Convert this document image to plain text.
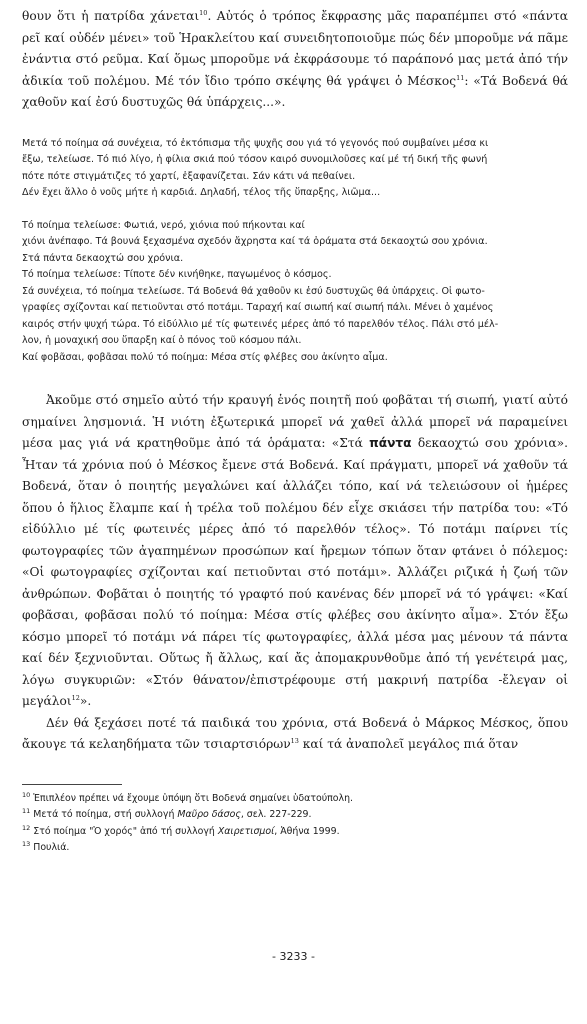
θουν ὅτι ἡ πατρίδα χάνεται$^{10}$. Αὐτός ὁ τρόπος ἔκφρασης μᾶς παραπέμπει στό «πάντα ρεῖ καί οὐδέν μένει» τοῦ Ἡρακλείτου καί συνειδητοποιοῦμε πώς δέν μποροῦμε νά πᾶμε ἐνάντια στό ρεῦμα. Καί ὅμως μποροῦμε νά ἐκφράσουμε τό παράπονό μας μετά ἀπό τήν ἀδικία τοῦ πολέμου. Μέ τόν ἴδιο τρόπο σκέψης θά γράψει ὁ Μέσκος$^{11}$: «Τά Βοδενά θά χαθοῦν καί ἐσύ δυστυχῶς θά ὑπάρχεις...».

Μετά τό ποίημα σά συνέχεια, τό ἐκτόπισμα τῆς ψυχῆς σου γιά τό γεγονός πού συμβαίνει μέσα κι
ἔξω, τελείωσε. Τό πιό λίγο, ἡ φίλια σκιά πού τόσον καιρό συνομιλοῦσες καί μέ τή δική τῆς φωνή
πότε πότε στιγμάτιζες τό χαρτί, ἐξαφανίζεται. Σάν κάτι νά πεθαίνει.
Δέν ἔχει ἄλλο ὁ νοῦς μήτε ἡ καρδιά. Δηλαδή, τέλος τῆς ὕπαρξης, λιῶμα...
Τό ποίημα τελείωσε: Φωτιά, νερό, χιόνια πού πήκονται καί
χιόνι ἀνέπαφο. Τά βουνά ξεχασμένα σχεδόν ἄχρηστα καί τά ὁράματα στά δεκαοχτώ σου χρόνια.
Στά πάντα δεκαοχτώ σου χρόνια.
Τό ποίημα τελείωσε: Τίποτε δέν κινήθηκε, παγωμένος ὁ κόσμος.
Σά συνέχεια, τό ποίημα τελείωσε. Τά Βοδενά θά χαθοῦν κι ἐσύ δυστυχῶς θά ὑπάρχεις. Οἱ φωτο-
γραφίες σχίζονται καί πετιοῦνται στό ποτάμι. Ταραχή καί σιωπή καί σιωπή πάλι. Μένει ὁ χαμένος
καιρός στήν ψυχή τώρα. Τό εἰδύλλιο μέ τίς φωτεινές μέρες ἀπό τό παρελθόν τέλος. Πάλι στό μέλ-
λον, ἡ μοναχική σου ὕπαρξη καί ὁ πόνος τοῦ κόσμου πάλι.
Καί φοβᾶσαι, φοβᾶσαι πολύ τό ποίημα: Μέσα στίς φλέβες σου ἀκίνητο αἶμα.

Ἀκοῦμε στό σημεῖο αὐτό τήν κραυγή ἑνός ποιητῆ πού φοβᾶται τή σιωπή, γιατί αὐτό σημαίνει λησμονιά. Ἡ νιότη ἐξωτερικά μπορεῖ νά χαθεῖ ἀλλά μπορεῖ νά παραμείνει μέσα μας γιά νά κρατηθοῦμε ἀπό τά ὁράματα: «Στά πάντα δεκαοχτώ σου χρόνια». Ἦταν τά χρόνια πού ὁ Μέσκος ἔμενε στά Βοδενά. Καί πράγματι, μπορεῖ νά χαθοῦν τά Βοδενά, ὅταν ὁ ποιητής μεγαλώνει καί ἀλλάζει τόπο, καί νά τελειώσουν οἱ ἡμέρες ὅπου ὁ ἥλιος ἔλαμπε καί ἡ τρέλα τοῦ πολέμου δέν εἶχε σκιάσει τήν πατρίδα του: «Τό εἰδύλλιο μέ τίς φωτεινές μέρες ἀπό τό παρελθόν τέλος». Τό ποτάμι παίρνει τίς φωτογραφίες τῶν ἀγαπημένων προσώπων καί ἤρεμων τόπων ὅταν φτάνει ὁ πόλεμος: «Οἱ φωτογραφίες σχίζονται καί πετιοῦνται στό ποτάμι». Ἀλλάζει ριζικά ἡ ζωή τῶν ἀνθρώπων. Φοβᾶται ὁ ποιητής τό γραφτό πού κανένας δέν μπορεῖ νά τό γράψει: «Καί φοβᾶσαι, φοβᾶσαι πολύ τό ποίημα: Μέσα στίς φλέβες σου ἀκίνητο αἶμα». Στόν ἔξω κόσμο μπορεῖ τό ποτάμι νά πάρει τίς φωτογραφίες, ἀλλά μέσα μας μένουν τά πάντα καί δέν ξεχνιοῦνται. Οὕτως ἤ ἄλλως, καί ἄς ἀπομακρυνθοῦμε ἀπό τή γενέτειρά μας, λόγω συγκυριῶν: «Στόν θάνατον/ἐπιστρέφουμε στή μακρινή πατρίδα -ἔλεγαν οἱ μεγάλοι$^{12}$».

Δέν θά ξεχάσει ποτέ τά παιδικά του χρόνια, στά Βοδενά ὁ Μάρκος Μέσκος, ὅπου ἄκουγε τά κελαηδήματα τῶν τσιαρτσιόρων$^{13}$ καί τά ἀναπολεῖ μεγάλος πιά ὅταν

$^{10}$ Ἐπιπλέον πρέπει νά ἔχουμε ὑπόψη ὅτι Βοδενά σημαίνει ὑδατούπολη.

$^{11}$ Μετά τό ποίημα, στή συλλογή Μαῦρο δάσος, σελ. 227-229.

$^{12}$ Στό ποίημα "Ὁ χορός" ἀπό τή συλλογή Χαιρετισμοί, Ἀθήνα 1999.

$^{13}$ Πουλιά.

- 3233 -
